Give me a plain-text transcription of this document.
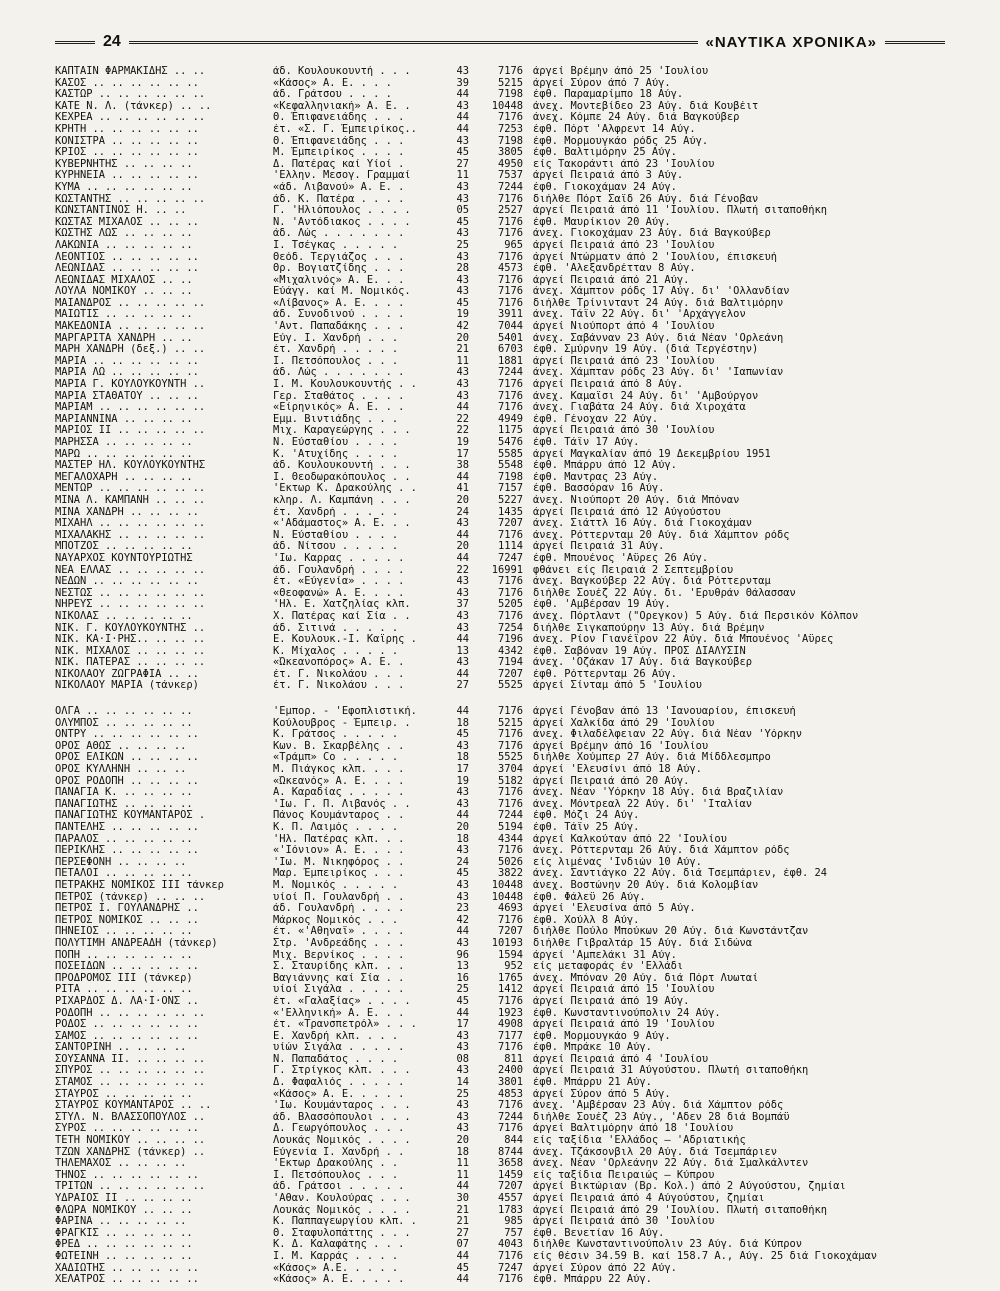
24	«ΝΑΥΤΙΚΑ ΧΡΟΝΙΚΑ»
ΚΑΠΤΑΙΝ ΦΑΡΜΑΚΙΔΗΣ .. ..	άδ. Κουλουκουντή . . .	43	7176 άργεί Βρέμην άπό 25 'Ιουλίου
ΚΑΣΟΣ .. .. .. .. .. ..	«Κάσος» Α. Ε. . . .	39	5215 άργεί Σύρον άπό 7 Αύγ.
ΚΑΣΤΩΡ .. .. .. .. .. ..	άδ. Γράτσου . . . .	44	7198 έφθ. Παραμαρίμπο 18 Αύγ.
ΚΑΤΕ Ν. Λ. (τάνκερ) .. ..	«Κεφαλληνιακή» Α. Ε. .	43	10448 άνεχ. Μοντεβίδεο 23 Αύγ. διά Κουβέιτ
ΚΕΧΡΕΑ .. .. .. .. .. ..	Θ. Έπιφανειάδης . . .	44	7176 άνεχ. Κόμπε 24 Αύγ. διά Βαγκούβερ
ΚΡΗΤΗ .. .. .. .. .. ..	έτ. «Σ. Γ. Έμπειρίκος..	44	7253 έφθ. Πόρτ 'Αλφρεντ 14 Αύγ.
ΚΟΝΙΣΤΡΑ .. .. .. .. ..	Θ. Έπιφανειάδης . . .	43	7198 έφθ. Μορμουγκάο ρόδς 25 Αύγ.
ΚΡΙΟΣ .. .. .. .. .. ..	Μ. Έμπειρίκος . . . .	45	3805 έφθ. Βαλτιμόρην 25 Αύγ.
ΚΥΒΕΡΝΗΤΗΣ .. .. .. ..	Δ. Πατέρας καί Υίοί .	27	4950 είς Τακοράντι άπό 23 'Ιουλίου
ΚΥΡΗΝΕΙΑ .. .. .. .. ..	'Ελλην. Μεσογ. Γραμμαί	11	7537 άργεί Πειραιά άπό 3 Αύγ.
ΚΥΜΑ .. .. .. .. .. ..	«άδ. Λιβανού» Α. Ε. .	43	7244 έφθ. Γιοκοχάμαν 24 Αύγ.
ΚΩΣΤΑΝΤΗΣ .. .. .. .. ..	άδ. Κ. Πατέρα . . . .	43	7176 διήλθε Πόρτ Σαΐδ 26 Αύγ. διά Γένοβαν
ΚΩΝΣΤΑΝΤΙΝΟΣ Η. .. ..	Γ. 'Ηλιόπουλος . . . .	05	2527 άργεί Πειραιά άπό 11 'Ιουλίου. Πλωτή σιταποθήκη
ΚΩΣΤΑΣ ΜΙΧΑΛΟΣ .. .. ..	Ν. 'Αντόδιακος . . . .	45	7176 έφθ. Μαυρίκιον 20 Αύγ.
ΚΩΣΤΗΣ ΛΩΣ .. .. .. ..	άδ. Λώς . . . . . . .	43	7176 άνεχ. Γιοκοχάμαν 23 Αύγ. διά Βαγκούβερ
ΛΑΚΩΝΙΑ .. .. .. .. ..	Ι. Τσέγκας . . . . .	25	965 άργεί Πειραιά άπό 23 'Ιουλίου
ΛΕΟΝΤΙΟΣ .. .. .. .. ..	Θεόδ. Τεργιάζος . . .	43	7176 άργεί Ντώρματν άπό 2 'Ιουλίου, έπισκευή
ΛΕΩΝΙΔΑΣ .. .. .. .. ..	Θρ. Βογιατζίδης . . .	28	4573 έφθ. 'Αλεξανδρέτταν 8 Αύγ.
ΛΕΩΝΙΔΑΣ ΜΙΧΑΛΟΣ .. ..	«Μιχαλινός» Α. Ε. . .	43	7176 άργεί Πειραιά άπό 21 Αύγ.
ΛΟΥΛΑ ΝΟΜΙΚΟΥ .. .. ..	Εύάγγ. καί Μ. Νομικός.	43	7176 άνεχ. Χάμπτον ρόδς 17 Αύγ. δι' 'Ολλανδίαν
ΜΑΙΑΝΔΡΟΣ .. .. .. .. ..	«Λίβανος» Α. Ε. . . .	45	7176 διήλθε Τρίνινταντ 24 Αύγ. διά Βαλτιμόρην
ΜΑΙΩΤΙΣ .. .. .. .. ..	άδ. Συνοδινού . . . .	19	3911 άνεχ. Τάϊν 22 Αύγ. δι' 'Αρχάγγελον
ΜΑΚΕΔΟΝΙΑ .. .. .. .. ..	'Αντ. Παπαδάκης . . .	42	7044 άργεί Νιούπορτ άπό 4 'Ιουλίου
ΜΑΡΓΑΡΙΤΑ ΧΑΝΔΡΗ .. ..	Εύγ. Ι. Χανδρή . . .	20	5401 άνεχ. Σαβάνναν 23 Αύγ. διά Νέαν 'Ορλεάνη
ΜΑΡΗ ΧΑΝΔΡΗ (δεξ.) .. ..	έτ. Χανδρή . . . . .	21	6703 έφθ. Σμύρνην 19 Αύγ. (διά Τεργέστην)
ΜΑΡΙΑ .. .. .. .. .. ..	Ι. Πετσόπουλος . . .	11	1881 άργεί Πειραιά άπό 23 'Ιουλίου
ΜΑΡΙΑ ΛΩ .. .. .. .. ..	άδ. Λώς . . . . . . .	43	7244 άνεχ. Χάμπταν ρόδς 23 Αύγ. δι' 'Ιαπωνίαν
ΜΑΡΙΑ Γ. ΚΟΥΛΟΥΚΟΥΝΤΗ ..	Ι. Μ. Κουλουκουντής . .	43	7176 άργεί Πειραιά άπό 8 Αύγ.
ΜΑΡΙΑ ΣΤΑΘΑΤΟΥ .. .. ..	Γερ. Σταθάτος . . . .	43	7176 άνεχ. Καμαΐσι 24 Αύγ. δι' 'Αμβούργον
ΜΑΡΙΑΜ .. .. .. .. .. ..	«Είρηνικός» Α. Ε. . .	44	7176 άνεχ. Γιαβάτα 24 Αύγ. διά Χιροχάτα
ΜΑΡΙΑΝΝΙΝΑ .. .. .. ..	Έμμ. Βιντιάδης . . .	22	4949 έφθ. Γένοχαν 22 Αύγ.
ΜΑΡΙΟΣ ΙΙ .. .. .. .. ..	Μιχ. Καραγεώργης . . .	22	1175 άργεί Πειραιά άπό 30 'Ιουλίου
ΜΑΡΗΣΣΑ .. .. .. .. ..	Ν. Εύσταθίου . . . .	19	5476 έφθ. Τάϊν 17 Αύγ.
ΜΑΡΩ .. .. .. .. .. ..	Κ. 'Ατυχίδης . . . .	17	5585 άργεί Μαγκαλίαν άπό 19 Δεκεμβρίου 1951
ΜΑΣΤΕΡ ΗΛ. ΚΟΥΛΟΥΚΟΥΝΤΗΣ	άδ. Κουλουκουντή . . .	38	5548 έφθ. Μπάρρυ άπό 12 Αύγ.
ΜΕΓΑΛΟΧΑΡΗ .. .. .. ..	Ι. Θεοδωρακόπουλος . .	44	7198 έφθ. Μαντρας 23 Αύγ.
ΜΕΝΤΩΡ .. .. .. .. .. ..	'Εκτωρ Κ. Δρακούλης . .	41	7157 έφθ. Βασσόραν 16 Αύγ.
ΜΙΝΑ Λ. ΚΑΜΠΑΝΗ .. .. ..	κληρ. Λ. Καμπάνη . . .	20	5227 άνεχ. Νιούπορτ 20 Αύγ. διά Μπόναν
ΜΙΝΑ ΧΑΝΔΡΗ .. .. .. ..	έτ. Χανδρή . . . . .	24	1435 άργεί Πειραιά άπό 12 Αύγούστου
ΜΙΧΑΗΛ .. .. .. .. .. ..	«'Αδάμαστος» Α. Ε. . .	43	7207 άνεχ. Σιάττλ 16 Αύγ. διά Γιοκοχάμαν
ΜΙΧΑΛΑΚΗΣ .. .. .. .. ..	Ν. Εύσταθίου . . . .	44	7176 άνεχ. Ρόττερνταμ 20 Αύγ. διά Χάμπτον ρόδς
ΜΠΟΤΖΟΣ .. .. .. .. ..	άδ. Νίτσου . . . . .	20	1114 άργεί Πειραιά 31 Αύγ.
ΝΑΥΑΡΧΟΣ ΚΟΥΝΤΟΥΡΙΩΤΗΣ	'Ιω. Καρρας . . . . .	44	7247 έφθ. Μπουένος 'Αϋρες 26 Αύγ.
ΝΕΑ ΕΛΛΑΣ .. .. .. .. ..	άδ. Γουλανδρή . . . .	22	16991 φθάνει είς Πειραιά 2 Σεπτεμβρίου
ΝΕΔΩΝ .. .. .. .. .. ..	έτ. «Εύγενία» . . . .	43	7176 άνεχ. Βαγκούβερ 22 Αύγ. διά Ρόττερνταμ
ΝΕΣΤΩΣ .. .. .. .. .. ..	«Θεοφανώ» Α. Ε. . . .	43	7176 διήλθε Σουέζ 22 Αύγ. δι. 'Ερυθράν Θάλασσαν
ΝΗΡΕΥΣ .. .. .. .. .. ..	'Ηλ. Ε. Χατζηλίας κλπ.	37	5205 έφθ. 'Αμβέρσαν 19 Αύγ.
ΝΙΚΟΛΑΣ .. .. .. .. ..	Χ. Πατέρας καί Σία . .	43	7176 άνεχ. Πόρτλαντ ("Ορεγκον) 5 Αύγ. διά Περσικόν Κόλπον
ΝΙΚ. Γ. ΚΟΥΛΟΥΚΟΥΝΤΗΣ ..	άδ. Σιτινά . . . . .	43	7254 διήλθε Σιγκαπούρην 13 Αύγ. διά Βρέμην
ΝΙΚ. ΚΑ·Ι·ΡΗΣ.. .. .. ..	Ε. Κουλουκ.-Ι. Καΐρης .	44	7196 άνεχ. Ρίον Γιανέϊρον 22 Αύγ. διά Μπουένος 'Αϋρες
ΝΙΚ. ΜΙΧΑΛΟΣ .. .. .. ..	Κ. Μίχαλος . . . . .	13	4342 έφθ. Σαβόναν 19 Αύγ. ΠΡΟΣ ΔΙΑΛΥΣΙΝ
ΝΙΚ. ΠΑΤΕΡΑΣ .. .. .. ..	«Ώκεανοπόρος» Α. Ε. .	43	7194 άνεχ. 'Οζάκαν 17 Αύγ. διά Βαγκούβερ
ΝΙΚΟΛΑΟΥ ΖΩΓΡΑΦΙΑ .. ..	έτ. Γ. Νικολάου . . .	44	7207 έφθ. Ρόττερνταμ 26 Αύγ.
ΝΙΚΟΛΑΟΥ ΜΑΡΙΑ (τάνκερ)	έτ. Γ. Νικολάου . . .	27	5525 άργεί Σίνταμ άπό 5 'Ιουλίου
ΟΛΓΑ .. .. .. .. .. ..	'Εμπορ. - 'Εφοπλιστική.	44	7176 άργεί Γένοβαν άπό 13 'Ιανουαρίου, έπισκευή
ΟΛΥΜΠΟΣ .. .. .. .. ..	Κούλουβρος - Έμπειρ. .	18	5215 άργεί Χαλκίδα άπό 29 'Ιουλίου
ΟΝΤΡΥ .. .. .. .. .. ..	Κ. Γράτσος . . . . .	45	7176 άνεχ. Φιλαδέλφειαν 22 Αύγ. διά Νέαν 'Υόρκην
ΟΡΟΣ ΑΘΩΣ .. .. .. ..	Κων. Β. Σκαρβέλης . .	43	7176 άργεί Βρέμην άπό 16 'Ιουλίου
ΟΡΟΣ ΕΛΙΚΩΝ .. .. .. ..	«Τράμπ» Co . . . . .	18	5525 διήλθε Χούμπερ 27 Αύγ. διά Μίδδλεσμπρο
ΟΡΟΣ ΚΥΛΛΗΝΗ .. .. ..	Μ. Πιάγκος κλπ. . . .	17	3704 άργεί 'Ελευσίνι άπό 18 Αύγ.
ΟΡΟΣ ΡΟΔΟΠΗ .. .. .. ..	«Ώκεανός» Α. Ε. . . .	19	5182 άργεί Πειραιά άπό 20 Αύγ.
ΠΑΝΑΓΙΑ Κ. .. .. .. ..	Α. Καραδίας . . . . .	43	7176 άνεχ. Νέαν 'Υόρκην 18 Αύγ. διά Βραζιλίαν
ΠΑΝΑΓΙΩΤΗΣ .. .. .. ..	'Ιω. Γ. Π. Λιβανός . .	43	7176 άνεχ. Μόντρεαλ 22 Αύγ. δι' 'Ιταλίαν
ΠΑΝΑΓΙΩΤΗΣ ΚΟΥΜΑΝΤΑΡΟΣ .	Πάνος Κουμάνταρος . .	44	7244 έφθ. Μόζι 24 Αύγ.
ΠΑΝΤΕΛΗΣ .. .. .. .. ..	Κ. Π. Λαιμός . . . .	20	5194 έφθ. Τάϊν 25 Αύγ.
ΠΑΡΑΛΟΣ .. .. .. .. ..	'Ηλ. Πατέρας κλπ. . .	18	4344 άργεί Καλκούταν άπό 22 'Ιουλίου
ΠΕΡΙΚΛΗΣ .. .. .. .. ..	«'Ιόνιον» Α. Ε. . . .	43	7176 άνεχ. Ρόττερνταμ 26 Αύγ. διά Χάμπτον ρόδς
ΠΕΡΣΕΦΟΝΗ .. .. .. ..	'Ιω. Μ. Νικηφόρος . .	24	5026 είς λιμένας 'Ινδιών 10 Αύγ.
ΠΕΤΑΛΟΙ .. .. .. .. ..	Μαρ. Έμπειρίκος . . .	45	3822 άνεχ. Σαντιάγκο 22 Αύγ. διά Τσεμπάριεν, έφθ. 24
ΠΕΤΡΑΚΗΣ ΝΟΜΙΚΟΣ ΙΙΙ τάνκερ	Μ. Νομικός . . . . .	43	10448 άνεχ. Βοστώνην 20 Αύγ. διά Κολομβίαν
ΠΕΤΡΟΣ (τάνκερ) .. .. ..	υίοί Π. Γουλανδρή . .	43	10448 έφθ. Φάλεϋ 26 Αύγ.
ΠΕΤΡΟΣ Ι. ΓΟΥΛΑΝΔΡΗΣ ..	άδ. Γουλανδρή . . . .	23	4693 άργεί 'Ελευσίνα άπό 5 Αύγ.
ΠΕΤΡΟΣ ΝΟΜΙΚΟΣ .. .. ..	Μάρκος Νομικός . . .	42	7176 έφθ. Χούλλ 8 Αύγ.
ΠΗΝΕΙΟΣ .. .. .. .. ..	έτ. «'Αθηναϊ» . . . .	44	7207 διήλθε Πούλο Μπούκων 20 Αύγ. διά Κωνστάντζαν
ΠΟΛΥΤΙΜΗ ΑΝΔΡΕΑΔΗ (τάνκερ)	Στρ. 'Ανδρεάδης . . .	43	10193 διήλθε Γιβραλτάρ 15 Αύγ. διά Σιδώνα
ΠΟΠΗ .. .. .. .. .. ..	Μιχ. Βερνίκος . . . .	96	1594 άργεί 'Αμπελάκι 31 Αύγ.
ΠΟΣΕΙΔΩΝ .. .. .. .. ..	Σ. Σταυρίδης κλπ. . .	13	952 είς μεταφοράς έν 'Ελλάδι
ΠΡΟΔΡΟΜΟΣ ΙΙΙ (τάνκερ)	Βαγιάννης καί Σία . .	16	1765 άνεχ. Μπόναν 20 Αύγ. διά Πόρτ Λυωταί
ΡΙΤΑ .. .. .. .. .. ..	υίοί Σιγάλα . . . . .	25	1412 άργεί Πειραιά άπό 15 'Ιουλίου
ΡΙΧΑΡΔΟΣ Δ. ΛΑ·Ι·ΟΝΣ ..	έτ. «Γαλαξίας» . . . .	45	7176 άργεί Πειραιά άπό 19 Αύγ.
ΡΟΔΟΠΗ .. .. .. .. .. ..	«'Ελληνική» Α. Ε. . .	44	1923 έφθ. Κωνσταντινούπολιν 24 Αύγ.
ΡΟΔΟΣ .. .. .. .. .. ..	έτ. «Τρανσπετρόλ» . . .	17	4908 άργεί Πειραιά άπό 19 'Ιουλίου
ΣΑΜΟΣ .. .. .. .. .. ..	Ε. Χανδρή κλπ. . . .	43	7177 έφθ. Μορμουγκάο 9 Αύγ.
ΣΑΝΤΟΡΙΝΗ .. .. .. ..	υίών Σιγάλα . . . . .	43	7176 έφθ. Μπράκε 10 Αύγ.
ΣΟΥΣΑΝΝΑ ΙΙ. .. .. .. ..	Ν. Παπαδάτος . . . .	08	811 άργεί Πειραιά άπό 4 'Ιουλίου
ΣΠΥΡΟΣ .. .. .. .. .. ..	Γ. Στρίγκος κλπ. . . .	43	2400 άργεί Πειραιά 31 Αύγούστου. Πλωτή σιταποθήκη
ΣΤΑΜΟΣ .. .. .. .. .. ..	Δ. Φαφαλιός . . . . .	14	3801 έφθ. Μπάρρυ 21 Αύγ.
ΣΤΑΥΡΟΣ .. .. .. .. ..	«Κάσος» Α. Ε. . . . .	25	4853 άργεί Σύρον άπό 5 Αύγ.
ΣΤΑΥΡΟΣ ΚΟΥΜΑΝΤΑΡΟΣ .. ..	'Ιω. Κουμάνταρος . . .	43	7176 άνεχ. 'Αμβέρσαν 23 Αύγ. διά Χάμπτον ρόδς
ΣΤΥΛ. Ν. ΒΛΑΣΣΟΠΟΥΛΟΣ ..	άδ. Βλασσόπουλοι . . .	43	7244 διήλθε Σουέζ 23 Αύγ., 'Αδεν 28 διά Βομπάϋ
ΣΥΡΟΣ .. .. .. .. .. ..	Δ. Γεωργόπουλος . . .	43	7176 άργεί Βαλτιμόρην άπό 18 'Ιουλίου
ΤΕΤΗ ΝΟΜΙΚΟΥ .. .. .. ..	Λουκάς Νομικός . . . .	20	844 είς ταξίδια 'Ελλάδος — 'Αδριατικής
ΤΖΩΝ ΧΑΝΔΡΗΣ (τάνκερ) ..	Εύγενία Ι. Χανδρή . .	18	8744 άνεχ. Τζάκσονβιλ 20 Αύγ. διά Τσεμπάριεν
ΤΗΛΕΜΑΧΟΣ .. .. .. ..	'Εκτωρ Δρακούλης . .	11	3658 άνεχ. Νέαν 'Ορλεάνην 22 Αύγ. διά Σμαλκάλντεν
ΤΗΝΟΣ .. .. .. .. .. ..	Ι. Πετσόπουλος . . .	11	1459 είς ταξίδια Πειραιώς — Κύπρου
ΤΡΙΤΩΝ .. .. .. .. .. ..	άδ. Γράτσοι . . . . .	44	7207 άργεί Βικτώριαν (Βρ. Κολ.) άπό 2 Αύγούστου, ζημίαι
ΥΔΡΑΙΟΣ ΙΙ .. .. .. ..	'Αθαν. Κουλούρας . . .	30	4557 άργεί Πειραιά άπό 4 Αύγούστου, ζημίαι
ΦΛΩΡΑ ΝΟΜΙΚΟΥ .. .. ..	Λουκάς Νομικός . . . .	21	1783 άργεί Πειραιά άπό 29 'Ιουλίου. Πλωτή σιταποθήκη
ΦΑΡΙΝΑ .. .. .. .. ..	Κ. Παππαγεωργίου κλπ. .	21	985 άργεί Πειραιά άπό 30 'Ιουλίου
ΦΡΑΓΚΙΣ .. .. .. .. ..	Θ. Σταφυλοπάττης . . .	27	757 έφθ. Βενετίαν 16 Αύγ.
ΦΡΕΔ .. .. .. .. .. ..	Κ. Δ. Καλαφάτης . . .	07	4043 διήλθε Κωνσταντινούπολιν 23 Αύγ. διά Κύπρον
ΦΩΤΕΙΝΗ .. .. .. .. ..	Ι. Μ. Καρράς . . . .	44	7176 είς θέσιν 34.59 Β. καί 158.7 Α., Αύγ. 25 διά Γιοκοχάμαν
ΧΑΔΙΩΤΗΣ .. .. .. .. ..	«Κάσος» Α.Ε. . . . .	45	7247 άργεί Σύρον άπό 22 Αύγ.
ΧΕΛΑΤΡΟΣ .. .. .. .. ..	«Κάσος» Α. Ε. . . . .	44	7176 έφθ. Μπάρρυ 22 Αύγ.
